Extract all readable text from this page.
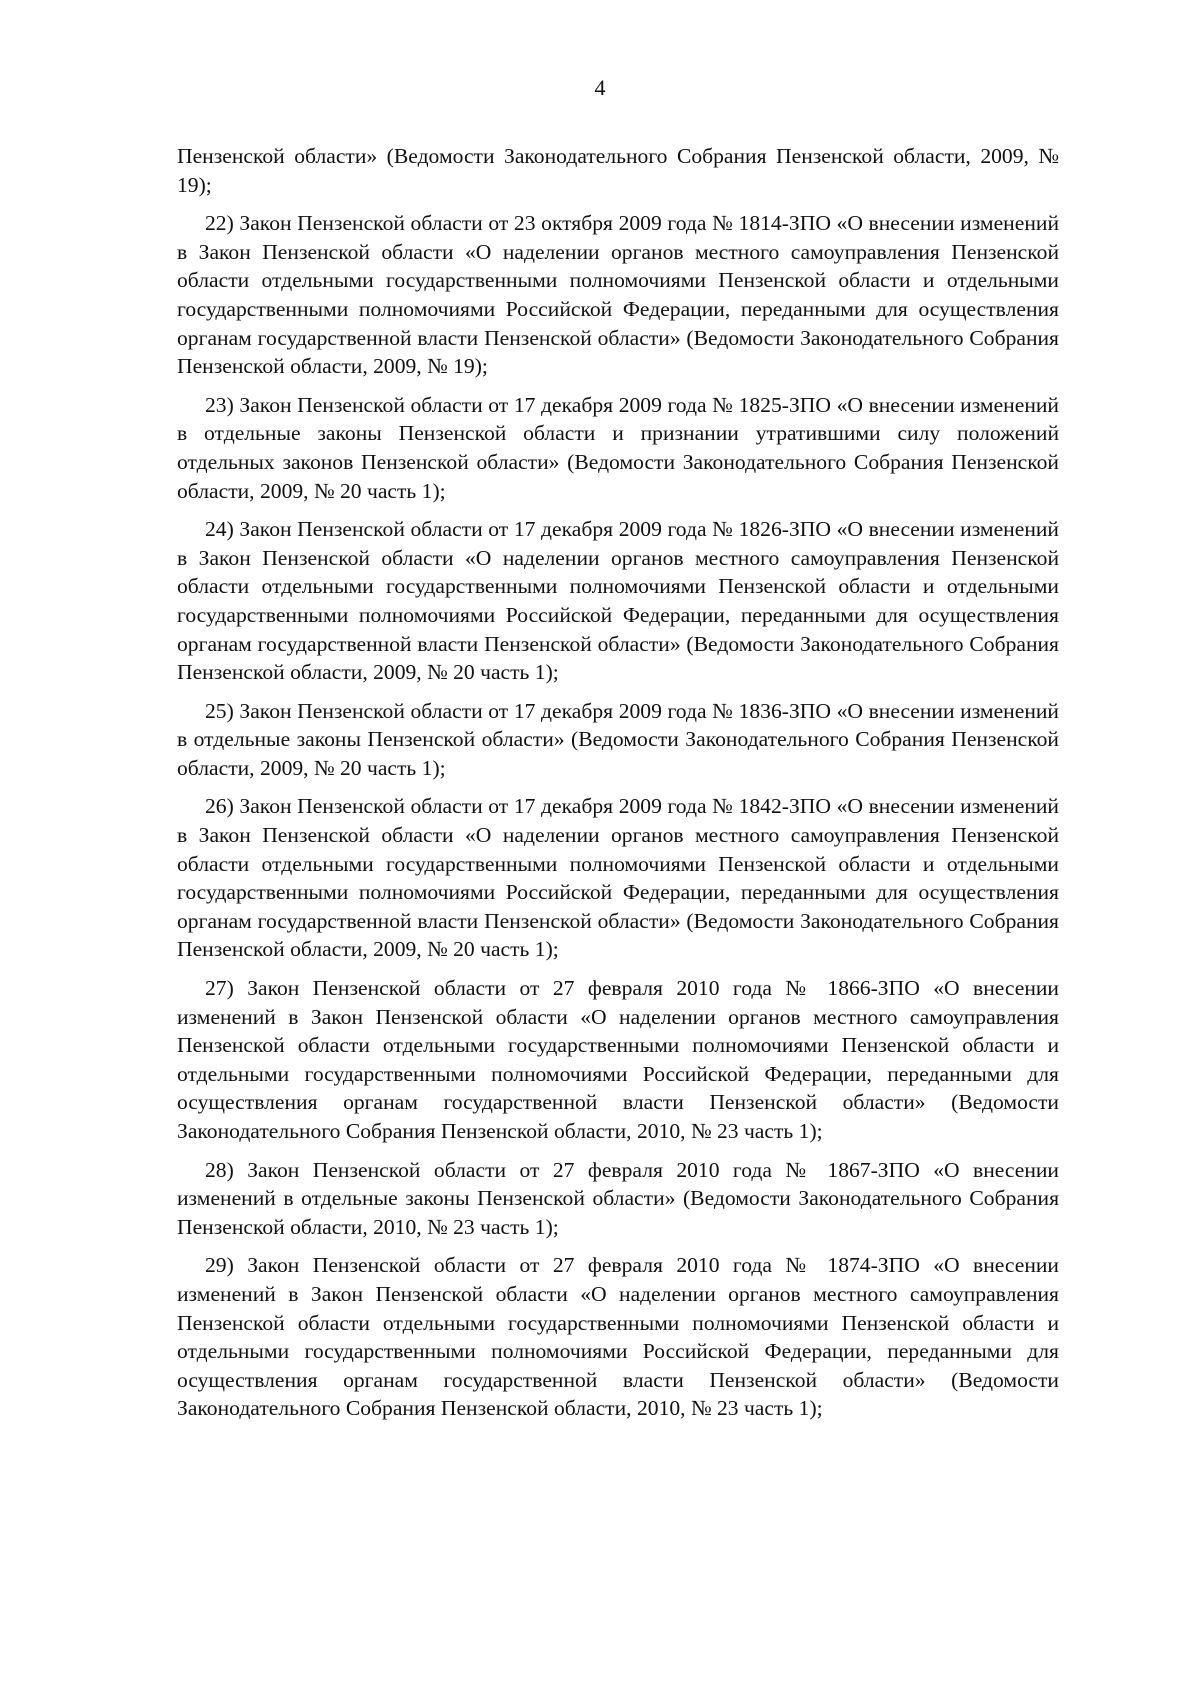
4

Пензенской области» (Ведомости Законодательного Собрания Пензенской области, 2009, № 19);

22) Закон Пензенской области от 23 октября 2009 года № 1814-ЗПО «О внесении изменений в Закон Пензенской области «О наделении органов местного самоуправления Пензенской области отдельными государственными полномочиями Пензенской области и отдельными государственными полномочиями Российской Федерации, переданными для осуществления органам государственной власти Пензенской области» (Ведомости Законодательного Собрания Пензенской области, 2009, № 19);

23) Закон Пензенской области от 17 декабря 2009 года № 1825-ЗПО «О внесении изменений в отдельные законы Пензенской области и признании утратившими силу положений отдельных законов Пензенской области» (Ведомости Законодательного Собрания Пензенской области, 2009, № 20 часть 1);

24) Закон Пензенской области от 17 декабря 2009 года № 1826-ЗПО «О внесении изменений в Закон Пензенской области «О наделении органов местного самоуправления Пензенской области отдельными государственными полномочиями Пензенской области и отдельными государственными полномочиями Российской Федерации, переданными для осуществления органам государственной власти Пензенской области» (Ведомости Законодательного Собрания Пензенской области, 2009, № 20 часть 1);

25) Закон Пензенской области от 17 декабря 2009 года № 1836-ЗПО «О внесении изменений в отдельные законы Пензенской области» (Ведомости Законодательного Собрания Пензенской области, 2009, № 20 часть 1);

26) Закон Пензенской области от 17 декабря 2009 года № 1842-ЗПО «О внесении изменений в Закон Пензенской области «О наделении органов местного самоуправления Пензенской области отдельными государственными полномочиями Пензенской области и отдельными государственными полномочиями Российской Федерации, переданными для осуществления органам государственной власти Пензенской области» (Ведомости Законодательного Собрания Пензенской области, 2009, № 20 часть 1);

27) Закон Пензенской области от 27 февраля 2010 года № 1866-ЗПО «О внесении изменений в Закон Пензенской области «О наделении органов местного самоуправления Пензенской области отдельными государственными полномочиями Пензенской области и отдельными государственными полномочиями Российской Федерации, переданными для осуществления органам государственной власти Пензенской области» (Ведомости Законодательного Собрания Пензенской области, 2010, № 23 часть 1);

28) Закон Пензенской области от 27 февраля 2010 года № 1867-ЗПО «О внесении изменений в отдельные законы Пензенской области» (Ведомости Законодательного Собрания Пензенской области, 2010, № 23 часть 1);

29) Закон Пензенской области от 27 февраля 2010 года № 1874-ЗПО «О внесении изменений в Закон Пензенской области «О наделении органов местного самоуправления Пензенской области отдельными государственными полномочиями Пензенской области и отдельными государственными полномочиями Российской Федерации, переданными для осуществления органам государственной власти Пензенской области» (Ведомости Законодательного Собрания Пензенской области, 2010, № 23 часть 1);
